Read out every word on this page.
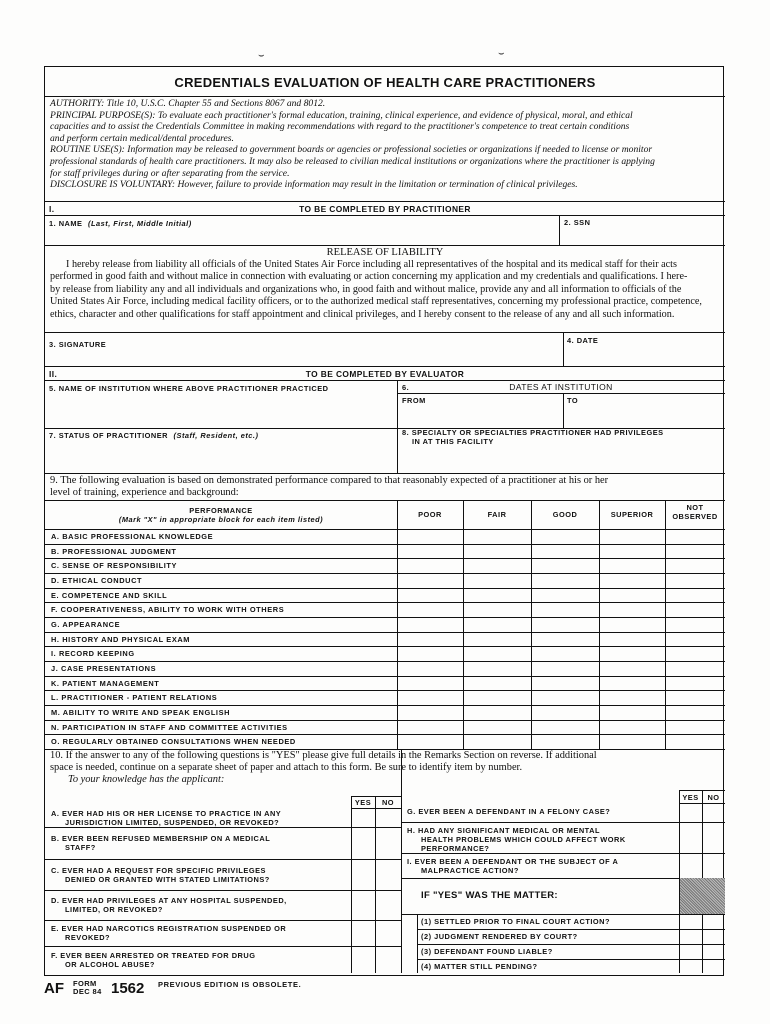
⌣	⌣
CREDENTIALS EVALUATION OF HEALTH CARE PRACTITIONERS
AUTHORITY: Title 10, U.S.C. Chapter 55 and Sections 8067 and 8012.
PRINCIPAL PURPOSE(S): To evaluate each practitioner's formal education, training, clinical experience, and evidence of physical, moral, and ethical
capacities and to assist the Credentials Committee in making recommendations with regard to the practitioner's competence to treat certain conditions
and perform certain medical/dental procedures.
ROUTINE USE(S): Information may be released to government boards or agencies or professional societies or organizations if needed to license or monitor
professional standards of health care practitioners. It may also be released to civilian medical institutions or organizations where the practitioner is applying
for staff privileges during or after separating from the service.
DISCLOSURE IS VOLUNTARY: However, failure to provide information may result in the limitation or termination of clinical privileges.
I.	TO BE COMPLETED BY PRACTITIONER
1. NAME (Last, First, Middle Initial)	2. SSN
RELEASE OF LIABILITY
I hereby release from liability all officials of the United States Air Force including all representatives of the hospital and its medical staff for their acts
performed in good faith and without malice in connection with evaluating or action concerning my application and my credentials and qualifications. I here-
by release from liability any and all individuals and organizations who, in good faith and without malice, provide any and all information to officials of the
United States Air Force, including medical facility officers, or to the authorized medical staff representatives, concerning my professional practice, competence,
ethics, character and other qualifications for staff appointment and clinical privileges, and I hereby consent to the release of any and all such information.
3. SIGNATURE	4. DATE
II.	TO BE COMPLETED BY EVALUATOR
5. NAME OF INSTITUTION WHERE ABOVE PRACTITIONER PRACTICED	6.	DATES AT INSTITUTION
FROM	TO
7. STATUS OF PRACTITIONER (Staff, Resident, etc.)	8. SPECIALTY OR SPECIALTIES PRACTITIONER HAD PRIVILEGES
IN AT THIS FACILITY
9. The following evaluation is based on demonstrated performance compared to that reasonably expected of a practitioner at his or her
level of training, experience and background:
PERFORMANCE
(Mark "X" in appropriate block for each item listed)
POOR	FAIR	GOOD	SUPERIOR
NOT
OBSERVED
A. BASIC PROFESSIONAL KNOWLEDGE
B. PROFESSIONAL JUDGMENT
C. SENSE OF RESPONSIBILITY
D. ETHICAL CONDUCT
E. COMPETENCE AND SKILL
F. COOPERATIVENESS, ABILITY TO WORK WITH OTHERS
G. APPEARANCE
H. HISTORY AND PHYSICAL EXAM
I. RECORD KEEPING
J. CASE PRESENTATIONS
K. PATIENT MANAGEMENT
L. PRACTITIONER - PATIENT RELATIONS
M. ABILITY TO WRITE AND SPEAK ENGLISH
N. PARTICIPATION IN STAFF AND COMMITTEE ACTIVITIES
O. REGULARLY OBTAINED CONSULTATIONS WHEN NEEDED
10. If the answer to any of the following questions is "YES" please give full details in the Remarks Section on reverse. If additional
space is needed, continue on a separate sheet of paper and attach to this form. Be sure to identify item by number.
To your knowledge has the applicant:
YES	NO
YES	NO
A. EVER HAD HIS OR HER LICENSE TO PRACTICE IN ANY
JURISDICTION LIMITED, SUSPENDED, OR REVOKED?
B. EVER BEEN REFUSED MEMBERSHIP ON A MEDICAL
STAFF?
C. EVER HAD A REQUEST FOR SPECIFIC PRIVILEGES
DENIED OR GRANTED WITH STATED LIMITATIONS?
D. EVER HAD PRIVILEGES AT ANY HOSPITAL SUSPENDED,
LIMITED, OR REVOKED?
E. EVER HAD NARCOTICS REGISTRATION SUSPENDED OR
REVOKED?
F. EVER BEEN ARRESTED OR TREATED FOR DRUG
OR ALCOHOL ABUSE?
G. EVER BEEN A DEFENDANT IN A FELONY CASE?
H. HAD ANY SIGNIFICANT MEDICAL OR MENTAL
HEALTH PROBLEMS WHICH COULD AFFECT WORK
PERFORMANCE?
I. EVER BEEN A DEFENDANT OR THE SUBJECT OF A
MALPRACTICE ACTION?
IF "YES" WAS THE MATTER:
(1) SETTLED PRIOR TO FINAL COURT ACTION?
(2) JUDGMENT RENDERED BY COURT?
(3) DEFENDANT FOUND LIABLE?
(4) MATTER STILL PENDING?
AF FORM
DEC 84 1562 PREVIOUS EDITION IS OBSOLETE.
